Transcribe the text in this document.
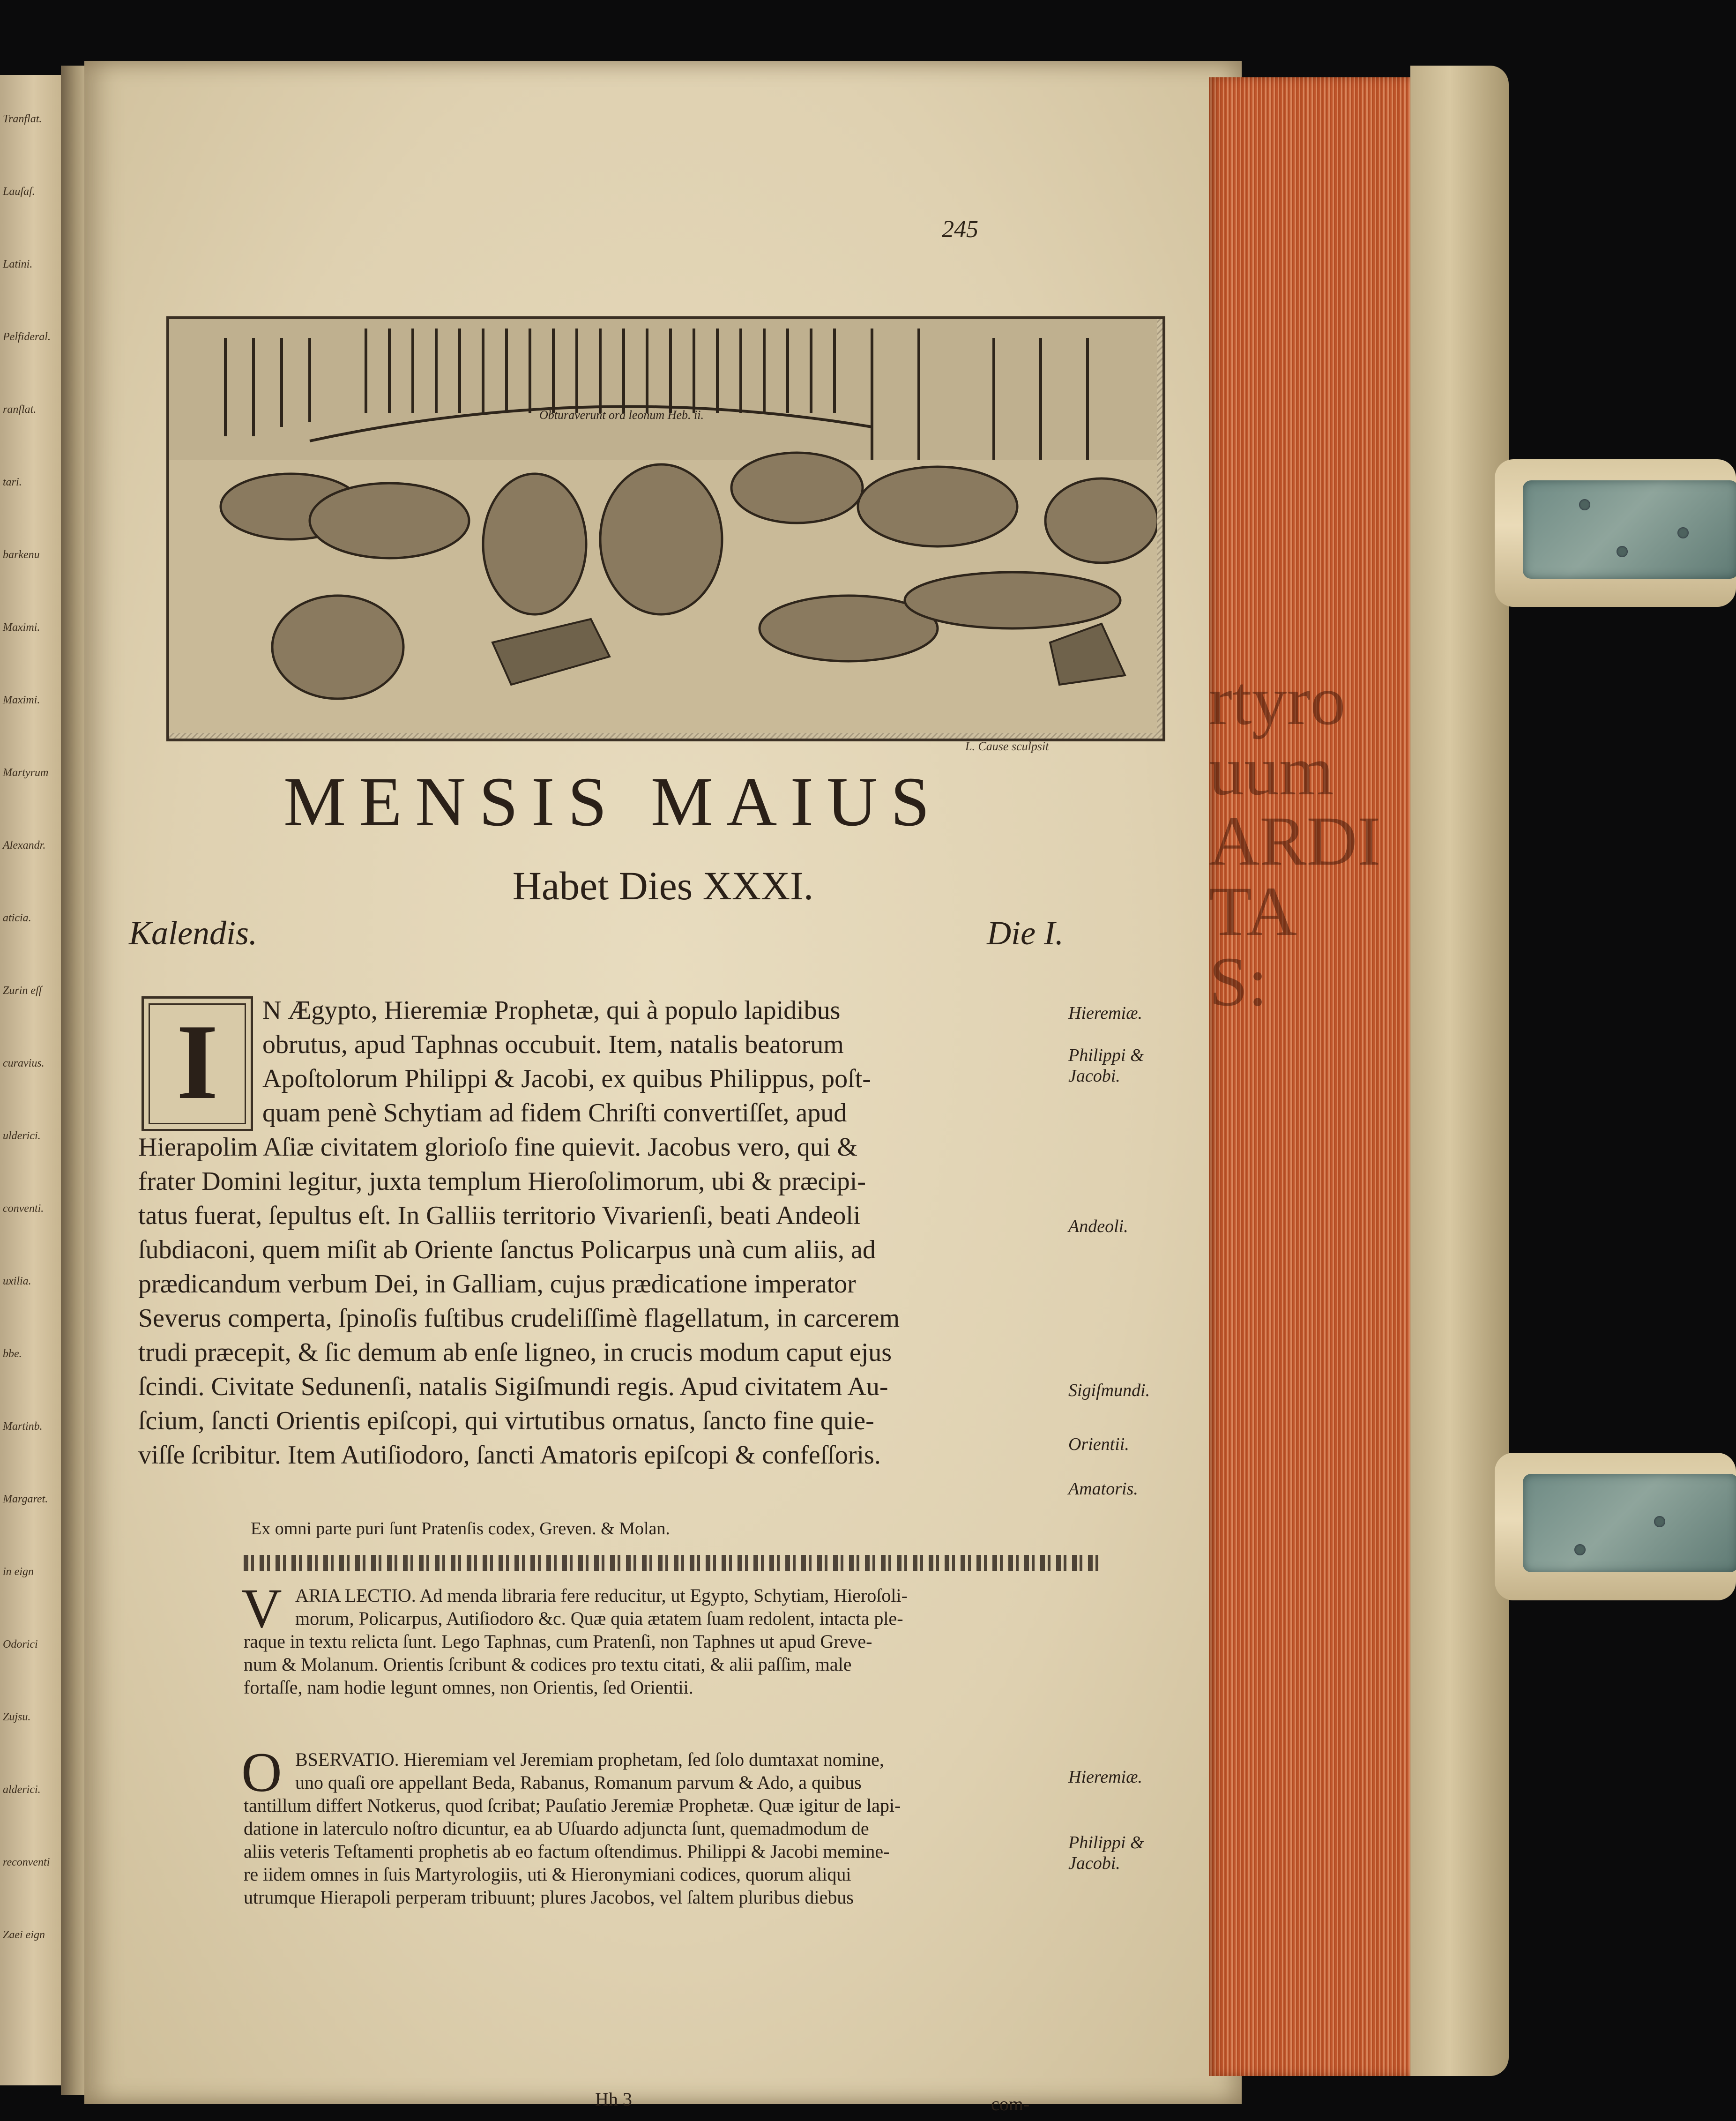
Tranflat.
Laufaf.
Latini.
Pelfideral.
ranflat.
tari.
barkenu
Maximi.
Maximi.
Martyrum
Alexandr.
aticia.
Zurin eff
curavius.
ulderici.
conventi.
uxilia.
bbe.
Martinb.
Margaret.
in eign
Odorici
Zujsu.
alderici.
reconventi
Zaei eign
245
Obturaverunt ora leonum Heb. ii.
L. Cause sculpsit
MENSIS MAIUS
Habet Dies XXXI.
Kalendis.	Die I.
I	N Ægypto, Hieremiæ Prophetæ, qui à populo lapidibus
obrutus, apud Taphnas occubuit. Item, natalis beatorum
Apoſtolorum Philippi & Jacobi, ex quibus Philippus, poſt-
quam penè Schytiam ad fidem Chriſti convertiſſet, apud
Hierapolim Aſiæ civitatem glorioſo fine quievit. Jacobus vero, qui &
frater Domini legitur, juxta templum Hieroſolimorum, ubi & præcipi-
tatus fuerat, ſepultus eſt. In Galliis territorio Vivarienſi, beati Andeoli
ſubdiaconi, quem miſit ab Oriente ſanctus Policarpus unà cum aliis, ad
prædicandum verbum Dei, in Galliam, cujus prædicatione imperator
Severus comperta, ſpinoſis fuſtibus crudeliſſimè flagellatum, in carcerem
trudi præcepit, & ſic demum ab enſe ligneo, in crucis modum caput ejus
ſcindi. Civitate Sedunenſi, natalis Sigiſmundi regis. Apud civitatem Au-
ſcium, ſancti Orientis epiſcopi, qui virtutibus ornatus, ſancto fine quie-
viſſe ſcribitur. Item Autiſiodoro, ſancti Amatoris epiſcopi & confeſſoris.
Hieremiæ.
Philippi & Jacobi.
Andeoli.
Sigiſmundi.
Orientii.
Amatoris.
Hieremiæ.
Philippi & Jacobi.
Ex omni parte puri ſunt Pratenſis codex, Greven. & Molan.
V ARIA LECTIO. Ad menda libraria fere reducitur, ut Egypto, Schytiam, Hieroſoli-
morum, Policarpus, Autiſiodoro &c. Quæ quia ætatem ſuam redolent, intacta ple-
raque in textu relicta ſunt. Lego Taphnas, cum Pratenſi, non Taphnes ut apud Greve-
num & Molanum. Orientis ſcribunt & codices pro textu citati, & alii paſſim, male
fortaſſe, nam hodie legunt omnes, non Orientis, ſed Orientii.
O BSERVATIO. Hieremiam vel Jeremiam prophetam, ſed ſolo dumtaxat nomine,
uno quaſi ore appellant Beda, Rabanus, Romanum parvum & Ado, a quibus
tantillum differt Notkerus, quod ſcribat; Pauſatio Jeremiæ Prophetæ. Quæ igitur de lapi-
datione in laterculo noſtro dicuntur, ea ab Uſuardo adjuncta ſunt, quemadmodum de
aliis veteris Teſtamenti prophetis ab eo factum oſtendimus. Philippi & Jacobi memine-
re iidem omnes in ſuis Martyrologiis, uti & Hieronymiani codices, quorum aliqui
utrumque Hierapoli perperam tribuunt; plures Jacobos, vel ſaltem pluribus diebus
Hh 3	com-
rtyro
uum
ARDI
TA
S:
